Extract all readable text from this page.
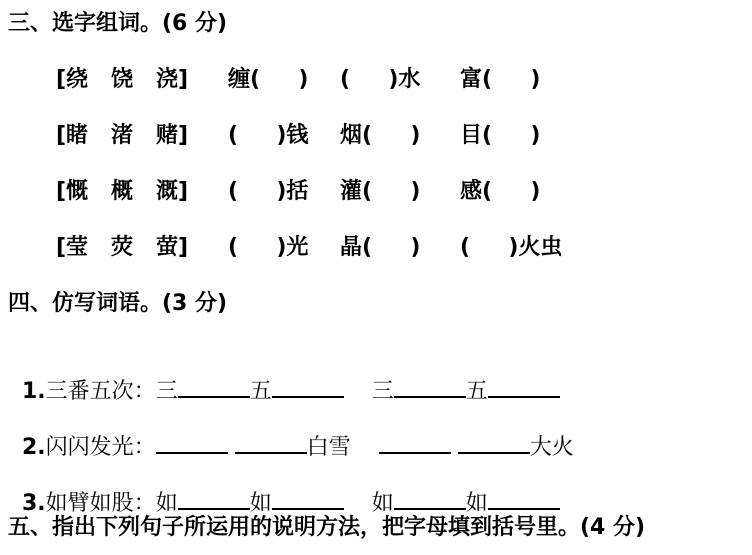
三、选字组词。(6 分)
[绕   饶   浇] 缠(     ) (     )水 富(     )
[睹   渚   赌] (     )钱 烟(     ) 目(     )
[慨   概   溉] (     )括 灌(     ) 感(     )
[莹   荧   萤] (     )光 晶(     ) (     )火虫
四、仿写词语。(3 分)

1.三番五次：三	五	三	五

2.闪闪发光：	白雪	大火

3.如臂如股：如	如	如	如

五、指出下列句子所运用的说明方法，把字母填到括号里。(4 分)
